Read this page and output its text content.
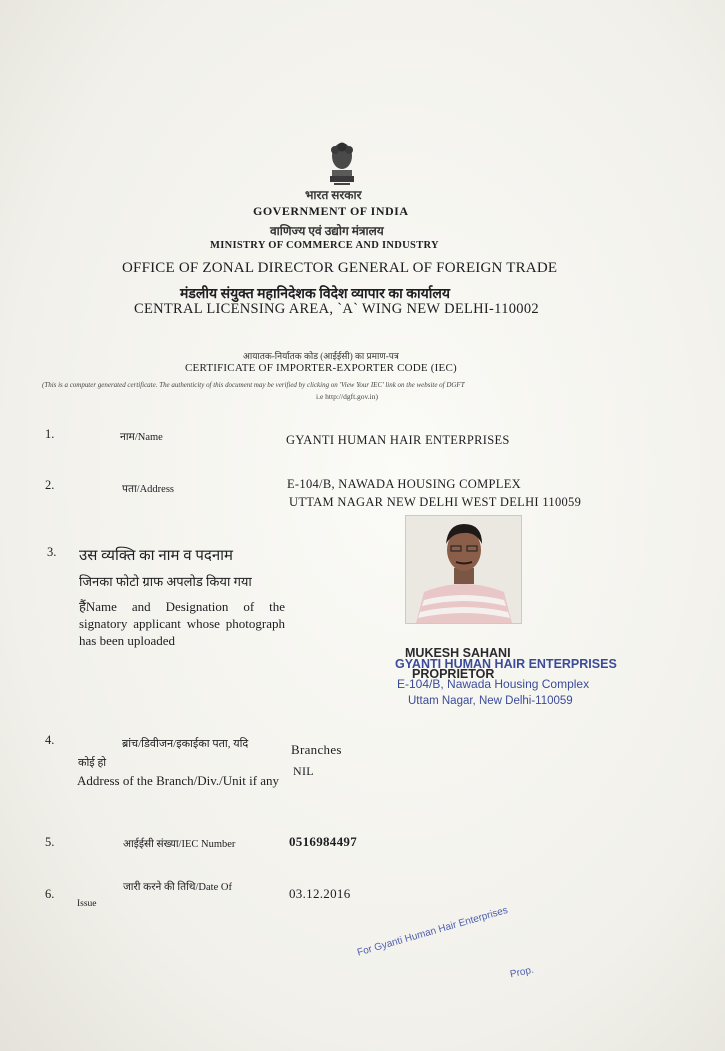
भारत सरकार
GOVERNMENT OF INDIA
वाणिज्य एवं उद्योग मंत्रालय
MINISTRY OF COMMERCE AND INDUSTRY
OFFICE OF ZONAL DIRECTOR GENERAL OF FOREIGN TRADE
मंडलीय संयुक्त महानिदेशक विदेश व्यापार का कार्यालय
CENTRAL LICENSING AREA, `A` WING NEW DELHI-110002
आयातक-निर्यातक कोड (आईईसी) का प्रमाण-पत्र
CERTIFICATE OF IMPORTER-EXPORTER CODE (IEC)
(This is a computer generated certificate. The authenticity of this document may be verified by clicking on 'View Your IEC' link on the website of DGFT
i.e http://dgft.gov.in)
1.	नाम/Name	GYANTI HUMAN HAIR ENTERPRISES
2.	पता/Address	E-104/B, NAWADA HOUSING COMPLEX
UTTAM NAGAR NEW DELHI WEST DELHI 110059
3. उस व्यक्ति का नाम व पदनाम
जिनका फोटो ग्राफ अपलोड किया गया
हैंName and Designation of the signatory applicant whose photograph has been uploaded
MUKESH SAHANI
PROPRIETOR
GYANTI HUMAN HAIR ENTERPRISES
E-104/B, Nawada Housing Complex
Uttam Nagar, New Delhi-110059
4.	ब्रांच/डिवीजन/इकाईका पता, यदि
कोई हो
Address of the Branch/Div./Unit if any
Branches
NIL
5.	आईईसी संख्या/IEC Number	0516984497
6.	जारी करने की तिथि/Date Of
Issue
03.12.2016
For Gyanti Human Hair Enterprises
Prop.
